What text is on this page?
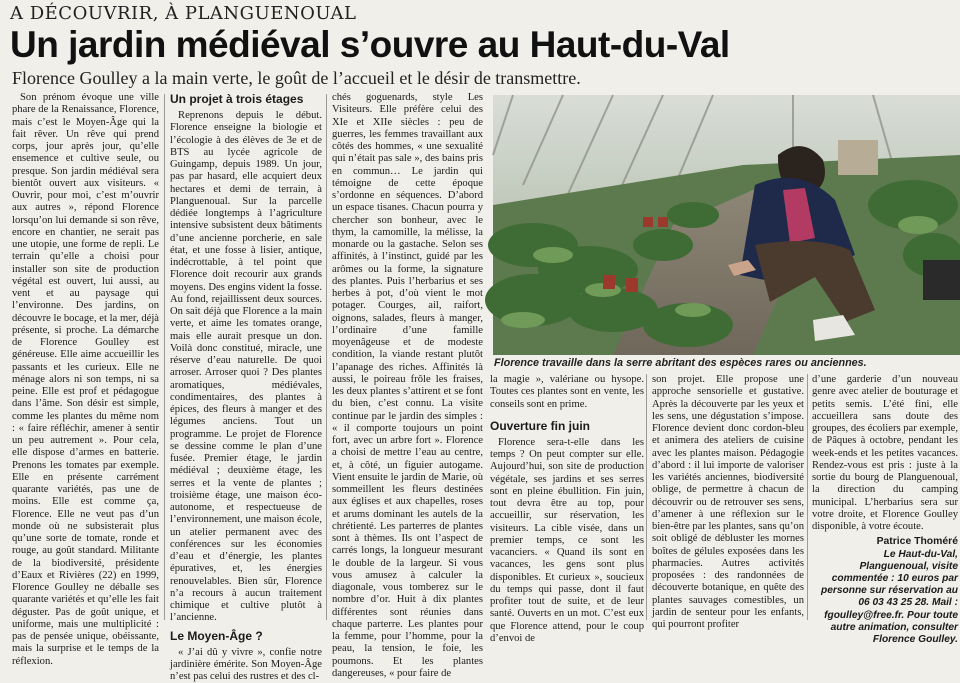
A DÉCOUVRIR, À PLANGUENOUAL
Un jardin médiéval s’ouvre au Haut-du-Val
Florence Goulley a la main verte, le goût de l’accueil et le désir de transmettre.

Son prénom évoque une ville phare de la Renaissance, Florence, mais c’est le Moyen-Âge qui la fait rêver. Un rêve qui prend corps, jour après jour, qu’elle ensemence et cultive seule, ou presque. Son jardin médiéval sera bientôt ouvert aux visiteurs. « Ouvrir, pour moi, c’est m’ouvrir aux autres », répond Florence lorsqu’on lui demande si son rêve, encore en chantier, ne serait pas une utopie, une forme de repli. Le terrain qu’elle a choisi pour installer son site de production végétal est ouvert, lui aussi, au vent et au paysage qui l’environne. Des jardins, on découvre le bocage, et la mer, déjà présente, si proche. La démarche de Florence Goulley est généreuse. Elle aime accueillir les passants et les curieux. Elle ne ménage alors ni son temps, ni sa peine. Elle est prof et pédagogue dans l’âme. Son désir est simple, comme les plantes du même nom : « faire réfléchir, amener à sentir un peu autrement ». Pour cela, elle dispose d’armes en batterie. Prenons les tomates par exemple. Elle en présente carrément quarante variétés, pas une de moins. Elle est comme ça, Florence. Elle ne veut pas d’un monde où ne subsisterait plus qu’une sorte de tomate, ronde et rouge, au goût standard. Militante de la biodiversité, présidente d’Eaux et Rivières (22) en 1999, Florence Goulley ne déballe ses quarante variétés et qu’elle les fait déguster. Pas de goût unique, et uniforme, mais une multiplicité : pas de pensée unique, obéissante, mais la surprise et le temps de la réflexion.

Un projet à trois étages

Reprenons depuis le début. Florence enseigne la biologie et l’écologie à des élèves de 3e et de BTS au lycée agricole de Guingamp, depuis 1989. Un jour, pas par hasard, elle acquiert deux hectares et demi de terrain, à Planguenoual. Sur la parcelle dédiée longtemps à l’agriculture intensive subsistent deux bâtiments d’une ancienne porcherie, en sale état, et une fosse à lisier, antique, indécrottable, à tel point que Florence doit recourir aux grands moyens. Des engins vident la fosse. Au fond, rejaillissent deux sources. On sait déjà que Florence a la main verte, et aime les tomates orange, mais elle aurait presque un don. Voilà donc constitué, miracle, une réserve d’eau naturelle. De quoi arroser. Arroser quoi ? Des plantes aromatiques, médiévales, condimentaires, des plantes à épices, des fleurs à manger et des légumes anciens. Tout un programme. Le projet de Florence se dessine comme le plan d’une fusée. Premier étage, le jardin médiéval ; deuxième étage, les serres et la vente de plantes ; troisième étage, une maison éco-autonome, et respectueuse de l’environnement, une maison école, un atelier permanent avec des conférences sur les économies d’eau et d’énergie, les plantes épuratives, et, les énergies renouvelables. Bien sûr, Florence n’a recours à aucun traitement chimique et cultive plutôt à l’ancienne.

Le Moyen-Âge ?

« J’ai dû y vivre », confie notre jardinière émérite. Son Moyen-Âge n’est pas celui des rustres et des cl-

chés goguenards, style Les Visiteurs. Elle préfère celui des XIe et XIIe siècles : peu de guerres, les femmes travaillant aux côtés des hommes, « une sexualité qui n’était pas sale », des bains pris en commun… Le jardin qui témoigne de cette époque s’ordonne en séquences. D’abord un espace tisanes. Chacun pourra y chercher son bonheur, avec le thym, la camomille, la mélisse, la monarde ou la gastache. Selon ses affinités, à l’instinct, guidé par les arômes ou la forme, la signature des plantes. Puis l’herbarius et ses herbes à pot, d’où vient le mot potager. Courges, ail, raifort, oignons, salades, fleurs à manger, l’ordinaire d’une famille moyenâgeuse et de modeste condition, la viande restant plutôt l’apanage des riches. Affinités là aussi, le poireau frôle les fraises, les deux plantes s’attirent et se font du bien, c’est connu. La visite continue par le jardin des simples : « il comporte toujours un point fort, avec un arbre fort ». Florence a choisi de mettre l’eau au centre, et, à côté, un figuier autogame. Vient ensuite le jardin de Marie, où sommeillent les fleurs destinées aux églises et aux chapelles, roses et arums dominant les autels de la chrétienté. Les parterres de plantes sont à thèmes. Ils ont l’aspect de carrés longs, la longueur mesurant le double de la largeur. Si vous vous amusez à calculer la diagonale, vous tomberez sur le nombre d’or. Huit à dix plantes différentes sont réunies dans chaque parterre. Les plantes pour la femme, pour l’homme, pour la peau, la tension, le foie, les poumons. Et les plantes dangereuses, « pour faire de

Florence travaille dans la serre abritant des espèces rares ou anciennes.

la magie », valériane ou hysope. Toutes ces plantes sont en vente, les conseils sont en prime.

Ouverture fin juin

Florence sera-t-elle dans les temps ? On peut compter sur elle. Aujourd’hui, son site de production végétale, ses jardins et ses serres sont en pleine ébullition. Fin juin, tout devra être au top, pour accueillir, sur réservation, les visiteurs. La cible visée, dans un premier temps, ce sont les vacanciers. « Quand ils sont en vacances, les gens sont plus disponibles. Et curieux », soucieux du temps qui passe, dont il faut profiter tout de suite, et de leur santé. Ouverts en un mot. C’est eux que Florence attend, pour le coup d’envoi de

son projet. Elle propose une approche sensorielle et gustative. Après la découverte par les yeux et les sens, une dégustation s’impose. Florence devient donc cordon-bleu et animera des ateliers de cuisine avec les plantes maison. Pédagogie d’abord : il lui importe de valoriser les variétés anciennes, biodiversité oblige, de permettre à chacun de découvrir ou de retrouver ses sens, d’amener à une réflexion sur le bien-être par les plantes, sans qu’on soit obligé de débluster les mornes boîtes de gélules exposées dans les pharmacies. Autres activités proposées : des randonnées de découverte botanique, en quête des plantes sauvages comestibles, un jardin de senteur pour les enfants, qui pourront profiter

d’une garderie d’un nouveau genre avec atelier de bouturage et petits semis. L’été fini, elle accueillera sans doute des groupes, des écoliers par exemple, de Pâques à octobre, pendant les week-ends et les petites vacances. Rendez-vous est pris : juste à la sortie du bourg de Planguenoual, la direction du camping municipal. L’herbarius sera sur votre droite, et Florence Goulley disponible, à votre écoute.

Patrice Thoméré
Le Haut-du-Val, Planguenoual, visite commentée : 10 euros par personne sur réservation au 06 03 43 25 28. Mail : fgoulley@free.fr. Pour toute autre animation, consulter Florence Goulley.
